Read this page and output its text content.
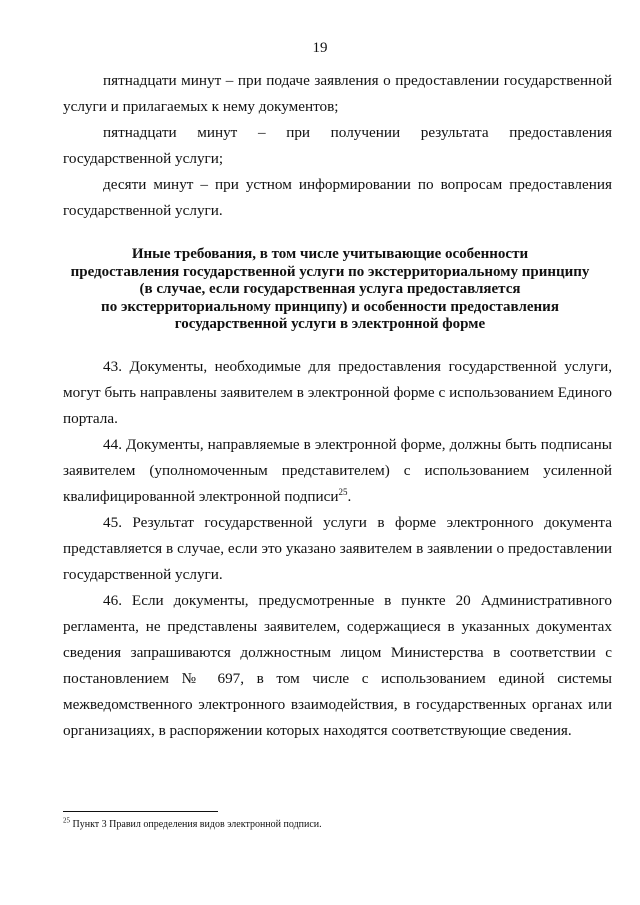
19

пятнадцати минут – при подаче заявления о предоставлении государственной услуги и прилагаемых к нему документов;

пятнадцати минут – при получении результата предоставления государственной услуги;

десяти минут – при устном информировании по вопросам предоставления государственной услуги.

Иные требования, в том числе учитывающие особенности
предоставления государственной услуги по экстерриториальному принципу
(в случае, если государственная услуга предоставляется
по экстерриториальному принципу) и особенности предоставления
государственной услуги в электронной форме

43. Документы, необходимые для предоставления государственной услуги, могут быть направлены заявителем в электронной форме с использованием Единого портала.

44. Документы, направляемые в электронной форме, должны быть подписаны заявителем (уполномоченным представителем) с использованием усиленной квалифицированной электронной подписи$^{25}$.

45. Результат государственной услуги в форме электронного документа представляется в случае, если это указано заявителем в заявлении о предоставлении государственной услуги.

46. Если документы, предусмотренные в пункте 20 Административного регламента, не представлены заявителем, содержащиеся в указанных документах сведения запрашиваются должностным лицом Министерства в соответствии с постановлением № 697, в том числе с использованием единой системы межведомственного электронного взаимодействия, в государственных органах или организациях, в распоряжении которых находятся соответствующие сведения.

$^{25}$ Пункт 3 Правил определения видов электронной подписи.
